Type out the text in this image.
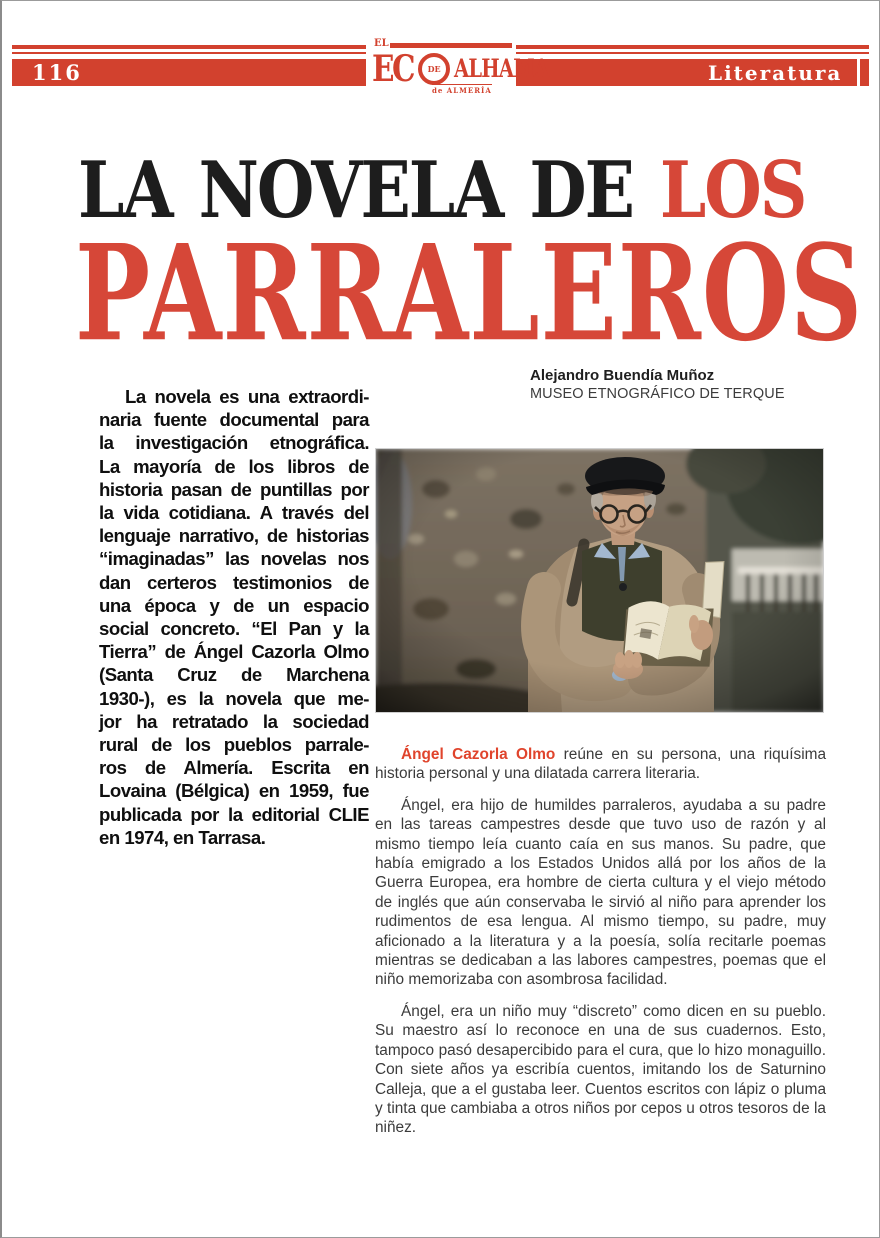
116	Literatura
EL
EC DE ALHAMA
de ALMERÍA
LA NOVELA DE LOS
PARRALEROS
Alejandro Buendía Muñoz
MUSEO ETNOGRÁFICO DE TERQUE
La novela es una extraordi-
naria fuente documental para
la investigación etnográfica.
La mayoría de los libros de
historia pasan de puntillas por
la vida cotidiana. A través del
lenguaje narrativo, de historias
“imaginadas” las novelas nos
dan certeros testimonios de
una época y de un espacio
social concreto. “El Pan y la
Tierra” de Ángel Cazorla Olmo
(Santa Cruz de Marchena
1930-), es la novela que me-
jor ha retratado la sociedad
rural de los pueblos parrale-
ros de Almería. Escrita en
Lovaina (Bélgica) en 1959, fue
publicada por la editorial CLIE
en 1974, en Tarrasa.

Ángel Cazorla Olmo reúne en su persona, una riquísima historia personal y una dilatada carrera literaria.

Ángel, era hijo de humildes parraleros, ayudaba a su padre en las tareas campestres desde que tuvo uso de razón y al mismo tiempo leía cuanto caía en sus manos. Su padre, que había emigrado a los Estados Unidos allá por los años de la Guerra Europea, era hombre de cierta cultura y el viejo método de inglés que aún conservaba le sirvió al niño para aprender los rudimentos de esa lengua. Al mismo tiempo, su padre, muy aficionado a la literatura y a la poesía, solía recitarle poemas mientras se dedicaban a las labores campestres, poemas que el niño memorizaba con asombrosa facilidad.

Ángel, era un niño muy “discreto” como dicen en su pueblo. Su maestro así lo reconoce en una de sus cuadernos. Esto, tampoco pasó desapercibido para el cura, que lo hizo monaguillo. Con siete años ya escribía cuentos, imitando los de Saturnino Calleja, que a el gustaba leer. Cuentos escritos con lápiz o pluma y tinta que cambiaba a otros niños por cepos u otros tesoros de la niñez.
